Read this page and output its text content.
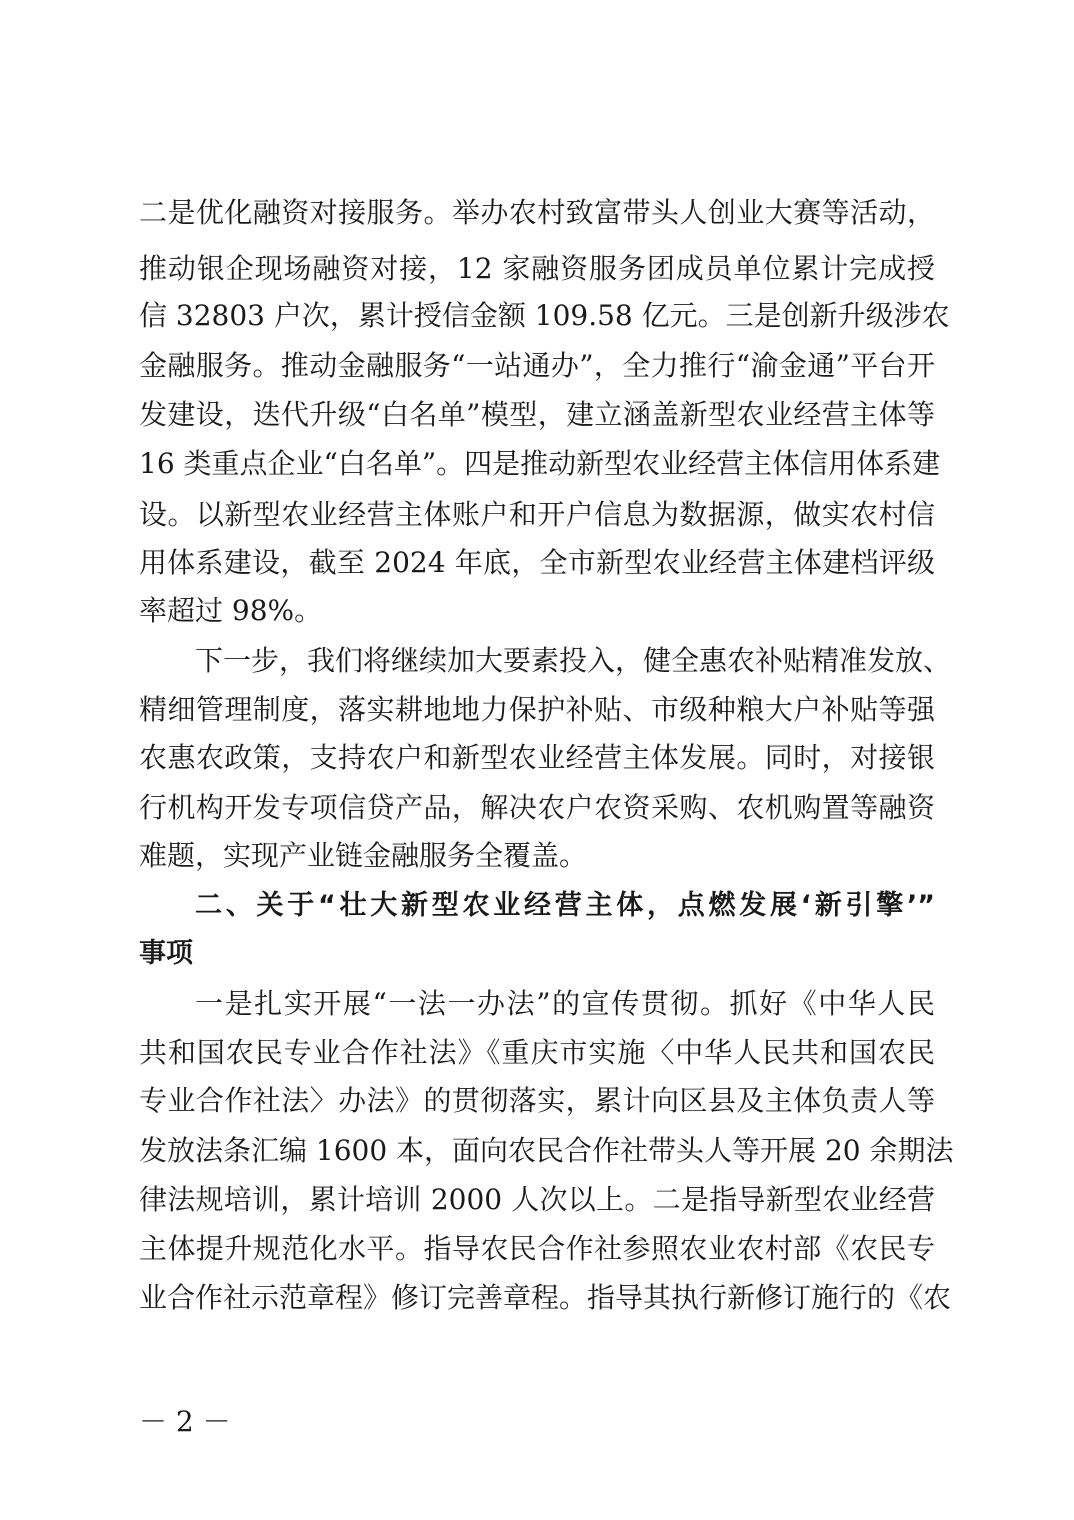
二是优化融资对接服务。举办农村致富带头人创业大赛等活动，
推动银企现场融资对接，12 家融资服务团成员单位累计完成授
信 32803 户次，累计授信金额 109.58 亿元。三是创新升级涉农
金融服务。推动金融服务“一站通办”，全力推行“渝金通”平台开
发建设，迭代升级“白名单”模型，建立涵盖新型农业经营主体等
16 类重点企业“白名单”。四是推动新型农业经营主体信用体系建
设。以新型农业经营主体账户和开户信息为数据源，做实农村信
用体系建设，截至 2024 年底，全市新型农业经营主体建档评级
率超过 98%。
下一步，我们将继续加大要素投入，健全惠农补贴精准发放、
精细管理制度，落实耕地地力保护补贴、市级种粮大户补贴等强
农惠农政策，支持农户和新型农业经营主体发展。同时，对接银
行机构开发专项信贷产品，解决农户农资采购、农机购置等融资
难题，实现产业链金融服务全覆盖。
二、关于“壮大新型农业经营主体，点燃发展‘新引擎’”
事项
一是扎实开展“一法一办法”的宣传贯彻。抓好《中华人民
共和国农民专业合作社法》《重庆市实施〈中华人民共和国农民
专业合作社法〉办法》的贯彻落实，累计向区县及主体负责人等
发放法条汇编 1600 本，面向农民合作社带头人等开展 20 余期法
律法规培训，累计培训 2000 人次以上。二是指导新型农业经营
主体提升规范化水平。指导农民合作社参照农业农村部《农民专
业合作社示范章程》修订完善章程。指导其执行新修订施行的《农
－ 2 －
